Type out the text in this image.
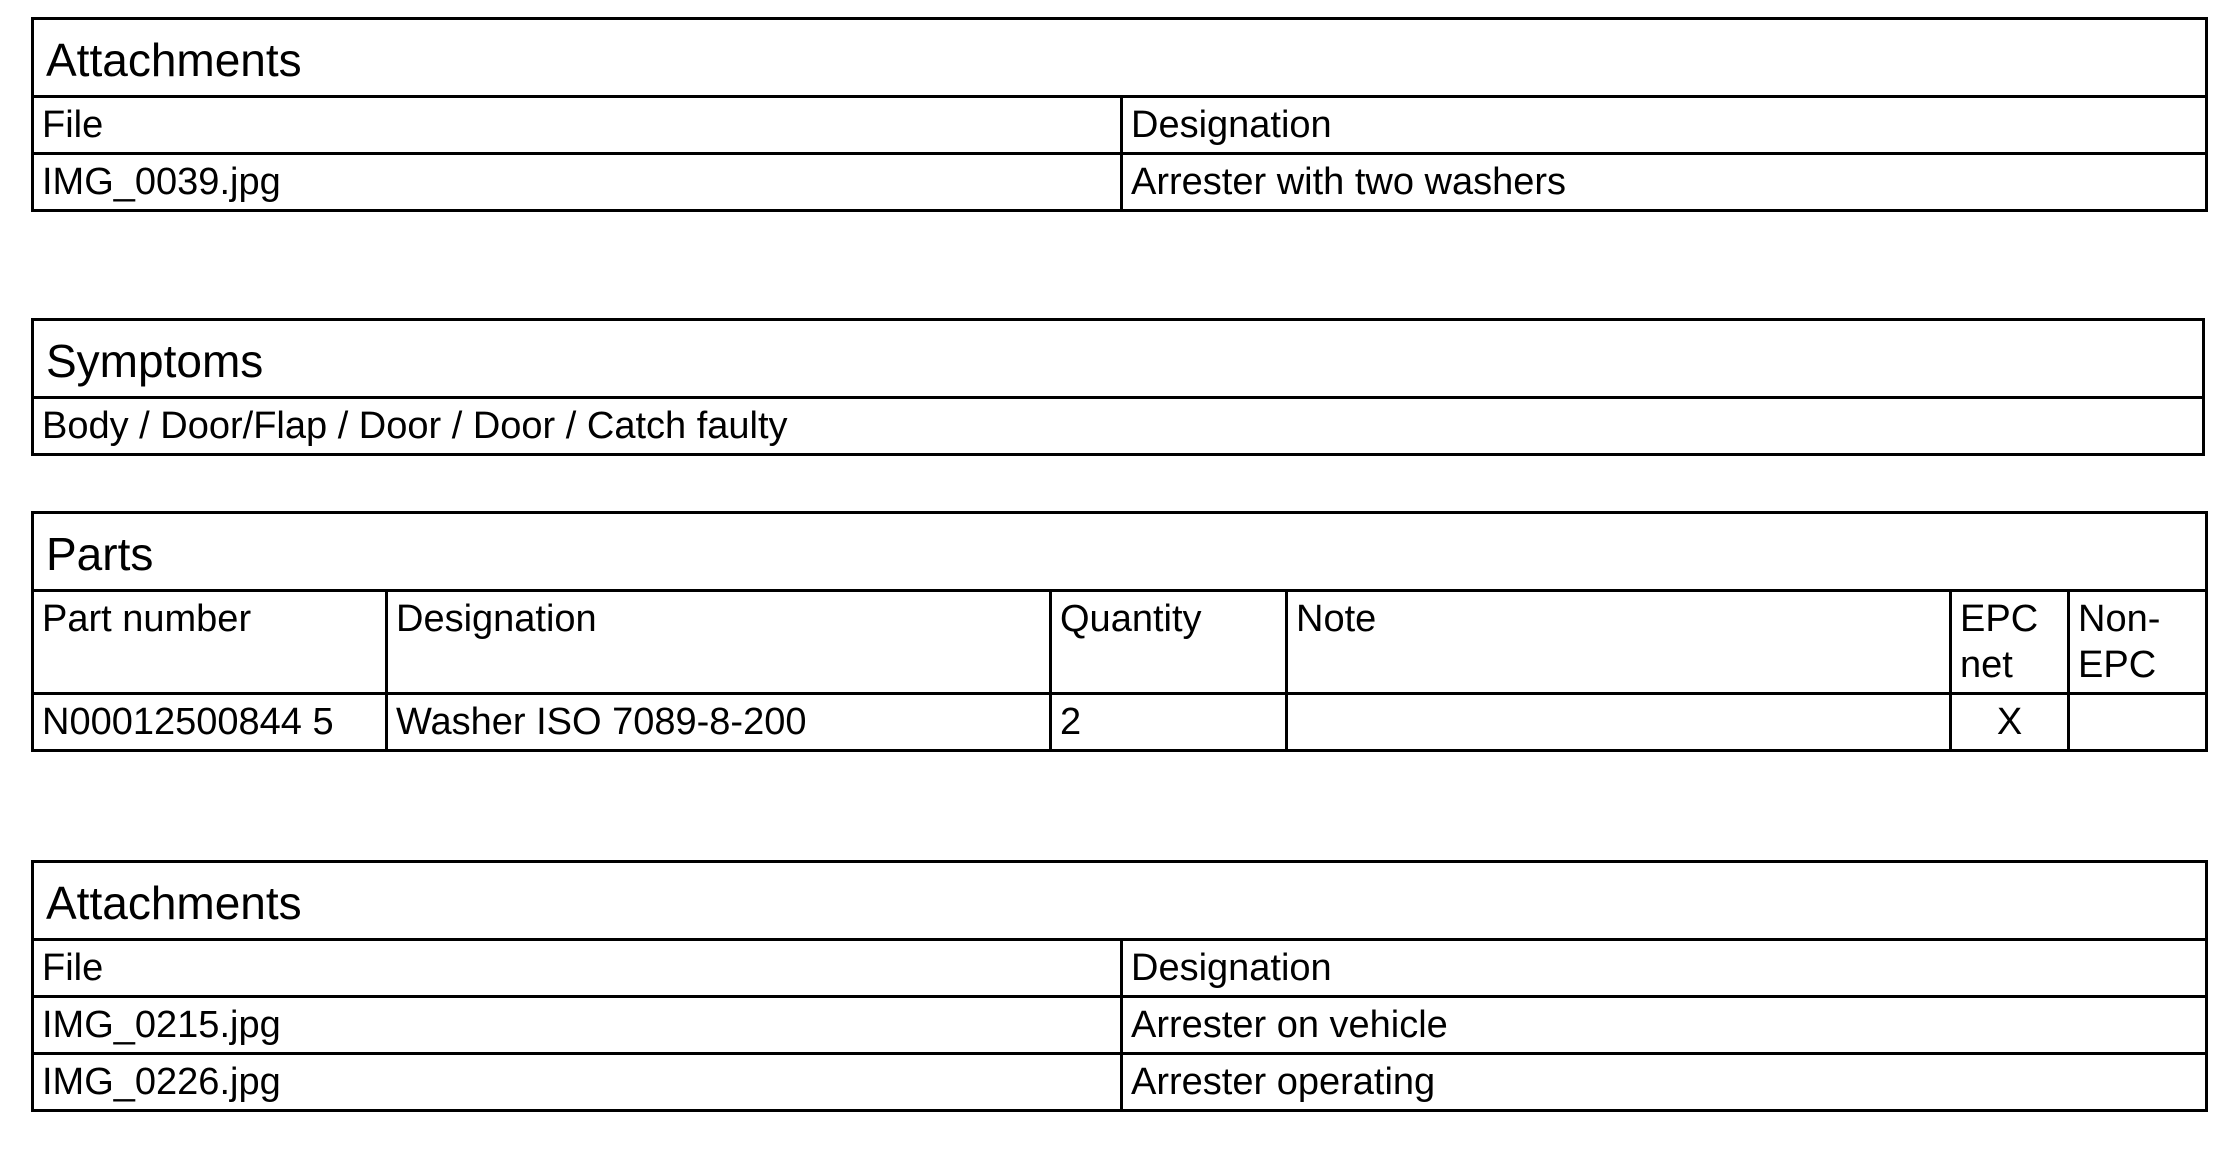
Attachments	
File	Designation
IMG_0039.jpg	Arrester with two washers
Symptoms
Body / Door/Flap / Door / Door / Catch faulty
Parts					
Part number	Designation	Quantity	Note	EPC net	Non-EPC
N00012500844 5	Washer ISO 7089-8-200	2		X	
Attachments	
File	Designation
IMG_0215.jpg	Arrester on vehicle
IMG_0226.jpg	Arrester operating
